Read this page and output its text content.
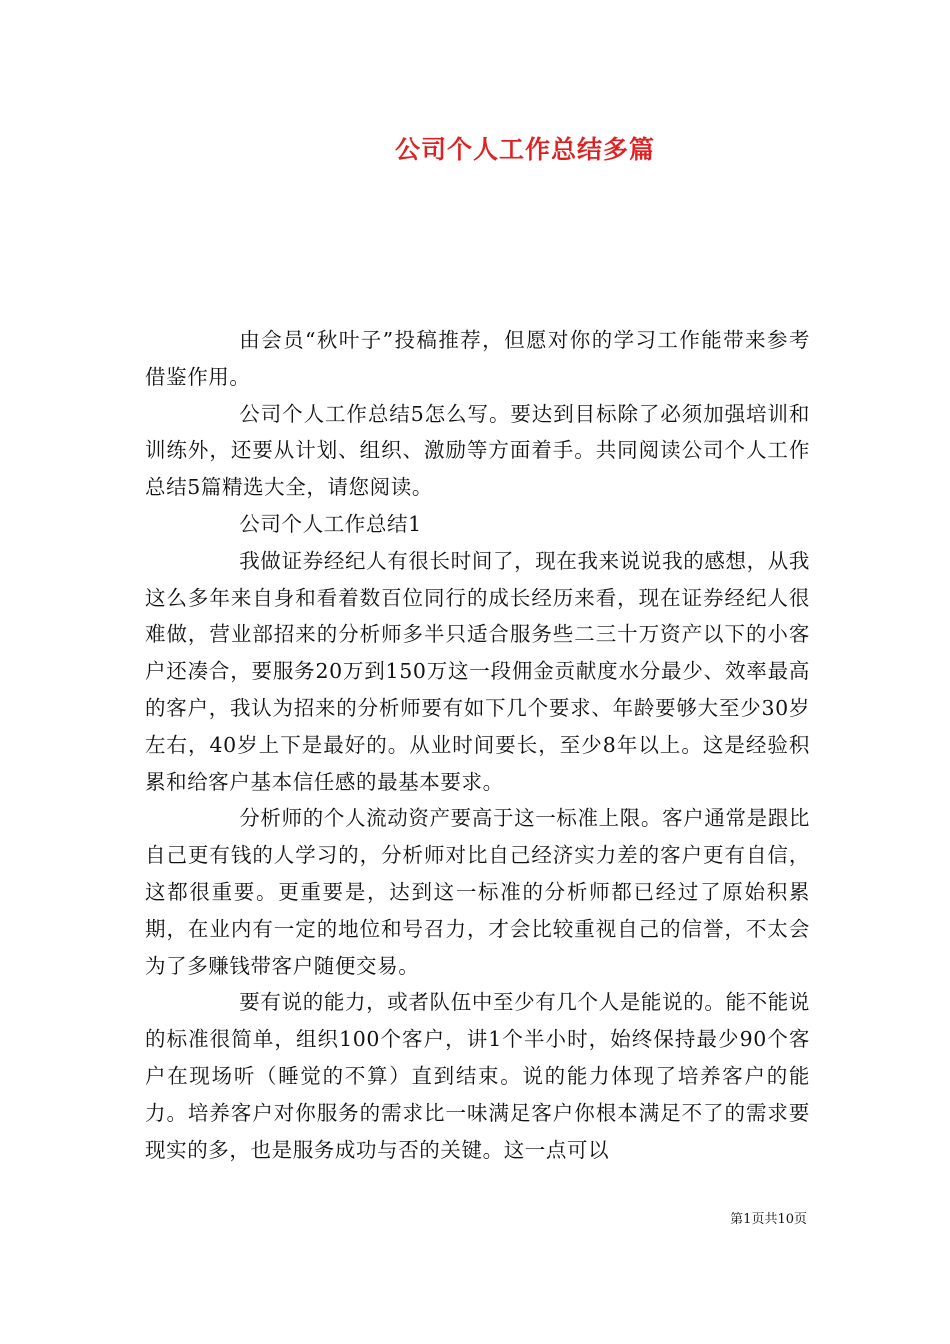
公司个人工作总结多篇

由会员“秋叶子”投稿推荐，但愿对你的学习工作能带来参考借鉴作用。

公司个人工作总结5怎么写。要达到目标除了必须加强培训和训练外，还要从计划、组织、激励等方面着手。共同阅读公司个人工作总结5篇精选大全，请您阅读。

公司个人工作总结1

我做证券经纪人有很长时间了，现在我来说说我的感想，从我这么多年来自身和看着数百位同行的成长经历来看，现在证券经纪人很难做，营业部招来的分析师多半只适合服务些二三十万资产以下的小客户还凑合，要服务20万到150万这一段佣金贡献度水分最少、效率最高的客户，我认为招来的分析师要有如下几个要求、年龄要够大至少30岁左右，40岁上下是最好的。从业时间要长，至少8年以上。这是经验积累和给客户基本信任感的最基本要求。

分析师的个人流动资产要高于这一标准上限。客户通常是跟比自己更有钱的人学习的，分析师对比自己经济实力差的客户更有自信，这都很重要。更重要是，达到这一标准的分析师都已经过了原始积累期，在业内有一定的地位和号召力，才会比较重视自己的信誉，不太会为了多赚钱带客户随便交易。

要有说的能力，或者队伍中至少有几个人是能说的。能不能说的标准很简单，组织100个客户，讲1个半小时，始终保持最少90个客户在现场听（睡觉的不算）直到结束。说的能力体现了培养客户的能力。培养客户对你服务的需求比一味满足客户你根本满足不了的需求要现实的多，也是服务成功与否的关键。这一点可以

第1页共10页
